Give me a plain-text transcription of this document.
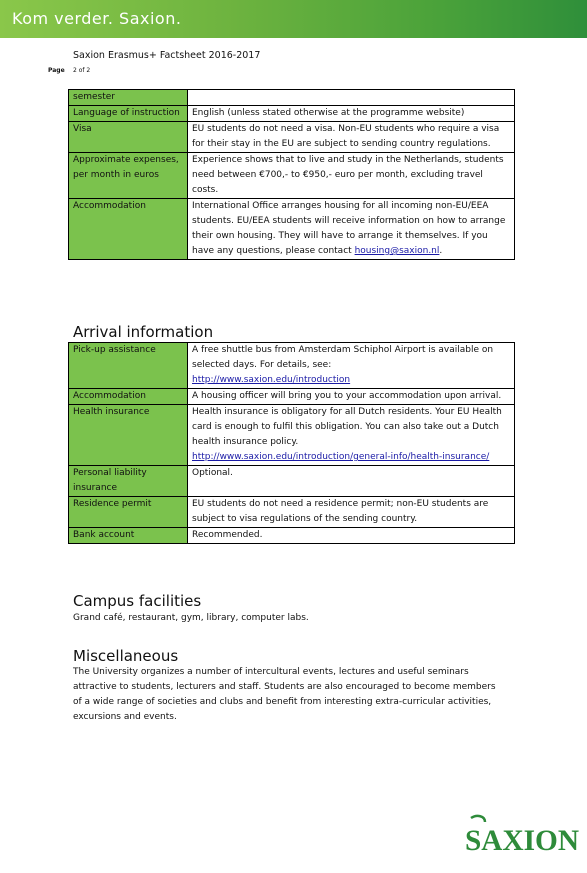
Kom verder. Saxion.
Saxion Erasmus+ Factsheet 2016-2017
Page 2 of 2
semester	
Language of instruction	English (unless stated otherwise at the programme website)
Visa	EU students do not need a visa. Non-EU students who require a visa for their stay in the EU are subject to sending country regulations.
Approximate expenses, per month in euros	Experience shows that to live and study in the Netherlands, students need between €700,- to €950,- euro per month, excluding travel costs.
Accommodation	International Office arranges housing for all incoming non-EU/EEA students. EU/EEA students will receive information on how to arrange their own housing. They will have to arrange it themselves. If you have any questions, please contact housing@saxion.nl.
Arrival information
Pick-up assistance	A free shuttle bus from Amsterdam Schiphol Airport is available on selected days. For details, see:
http://www.saxion.edu/introduction
Accommodation	A housing officer will bring you to your accommodation upon arrival.
Health insurance	Health insurance is obligatory for all Dutch residents. Your EU Health card is enough to fulfil this obligation. You can also take out a Dutch health insurance policy.
http://www.saxion.edu/introduction/general-info/health-insurance/
Personal liability insurance	Optional.
Residence permit	EU students do not need a residence permit; non-EU students are subject to visa regulations of the sending country.
Bank account	Recommended.
Campus facilities

Grand café, restaurant, gym, library, computer labs.

Miscellaneous

The University organizes a number of intercultural events, lectures and useful seminars attractive to students, lecturers and staff. Students are also encouraged to become members of a wide range of societies and clubs and benefit from interesting extra-curricular activities, excursions and events.

SAXION
